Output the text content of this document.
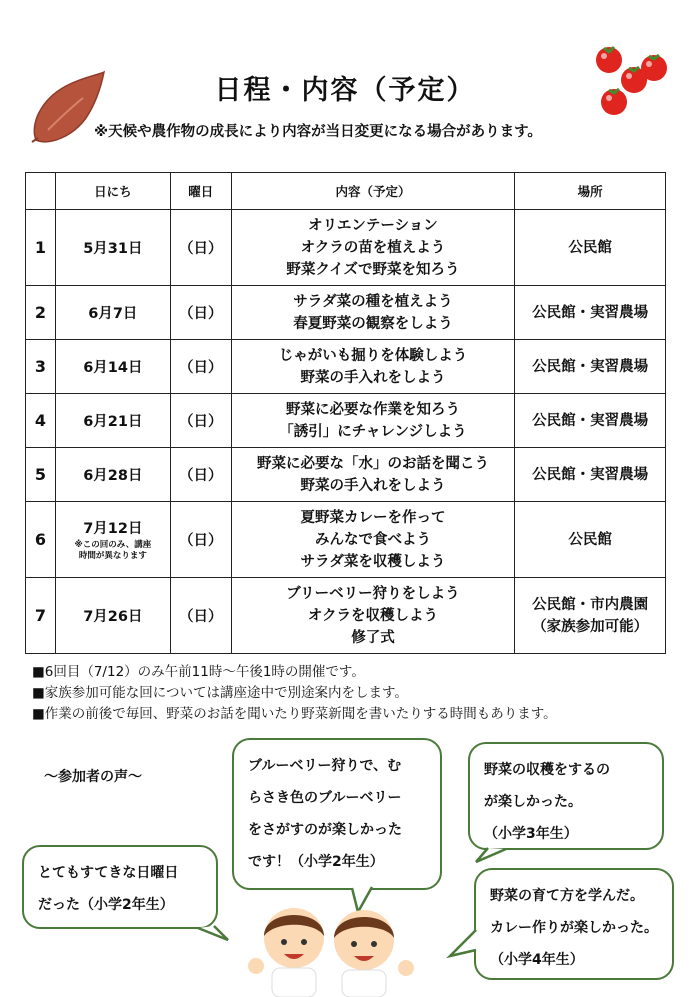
日程・内容（予定）
※天候や農作物の成長により内容が当日変更になる場合があります。
	日にち	曜日	内容（予定）	場所
1	5月31日	（日）	オリエンテーション
オクラの苗を植えよう
野菜クイズで野菜を知ろう	公民館

2	6月7日	（日）	サラダ菜の種を植えよう
春夏野菜の観察をしよう	公民館・実習農場

3	6月14日	（日）	じゃがいも掘りを体験しよう
野菜の手入れをしよう	公民館・実習農場

4	6月21日	（日）	野菜に必要な作業を知ろう
「誘引」にチャレンジしよう	公民館・実習農場

5	6月28日	（日）	野菜に必要な「水」のお話を聞こう
野菜の手入れをしよう	公民館・実習農場

6	7月12日
※この回のみ、講座
時間が異なります	（日）	夏野菜カレーを作って
みんなで食べよう
サラダ菜を収穫しよう	公民館

7	7月26日	（日）	ブリーベリー狩りをしよう
オクラを収穫しよう
修了式	公民館・市内農園
（家族参加可能）
■6回目（7/12）のみ午前11時～午後1時の開催です。
■家族参加可能な回については講座途中で別途案内をします。
■作業の前後で毎回、野菜のお話を聞いたり野菜新聞を書いたりする時間もあります。
～参加者の声～
ブルーベリー狩りで、む
らさき色のブルーベリー
をさがすのが楽しかった
です！（小学2年生）
野菜の収穫をするの
が楽しかった。
（小学3年生）
とてもすてきな日曜日
だった（小学2年生）
野菜の育て方を学んだ。
カレー作りが楽しかった。
（小学4年生）
